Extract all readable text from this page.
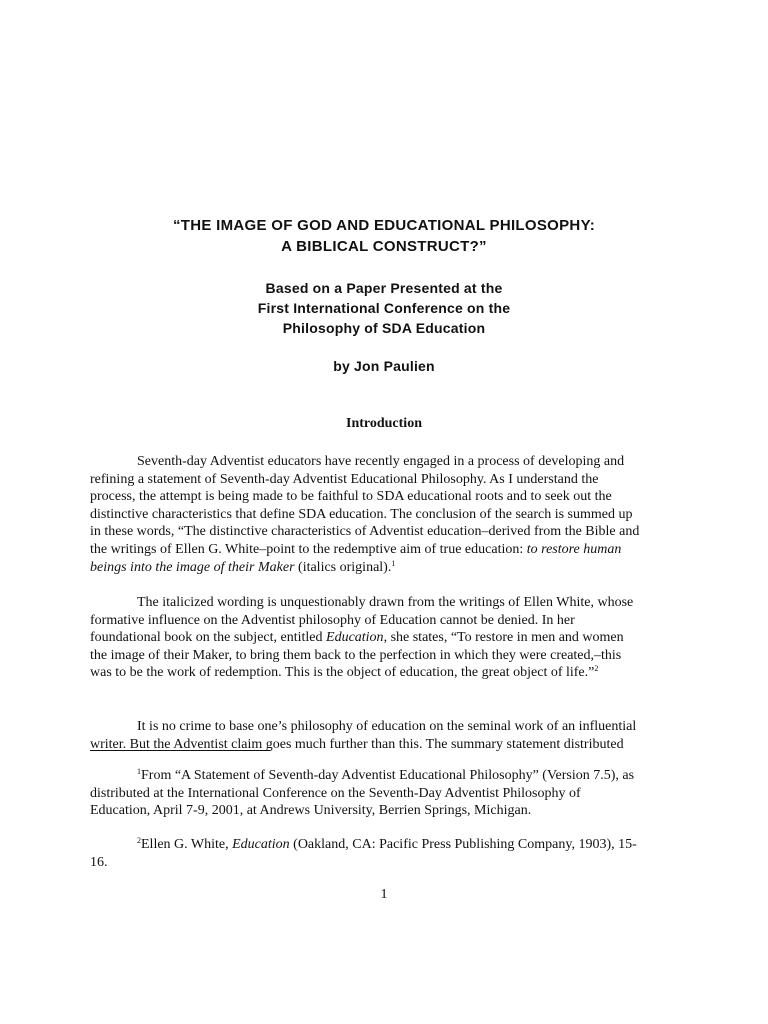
“THE IMAGE OF GOD AND EDUCATIONAL PHILOSOPHY:
A BIBLICAL CONSTRUCT?”
Based on a Paper Presented at the
First International Conference on the
Philosophy of SDA Education
by Jon Paulien
Introduction
Seventh-day Adventist educators have recently engaged in a process of developing and
refining a statement of Seventh-day Adventist Educational Philosophy. As I understand the
process, the attempt is being made to be faithful to SDA educational roots and to seek out the
distinctive characteristics that define SDA education. The conclusion of the search is summed up
in these words, “The distinctive characteristics of Adventist education–derived from the Bible and
the writings of Ellen G. White–point to the redemptive aim of true education: to restore human
beings into the image of their Maker (italics original).$^1$
The italicized wording is unquestionably drawn from the writings of Ellen White, whose
formative influence on the Adventist philosophy of Education cannot be denied. In her
foundational book on the subject, entitled Education, she states, “To restore in men and women
the image of their Maker, to bring them back to the perfection in which they were created,–this
was to be the work of redemption. This is the object of education, the great object of life.”$^2$
It is no crime to base one’s philosophy of education on the seminal work of an influential
writer. But the Adventist claim goes much further than this. The summary statement distributed
$^1$From “A Statement of Seventh-day Adventist Educational Philosophy” (Version 7.5), as
distributed at the International Conference on the Seventh-Day Adventist Philosophy of
Education, April 7-9, 2001, at Andrews University, Berrien Springs, Michigan.
$^2$Ellen G. White, Education (Oakland, CA: Pacific Press Publishing Company, 1903), 15-
16.
1
